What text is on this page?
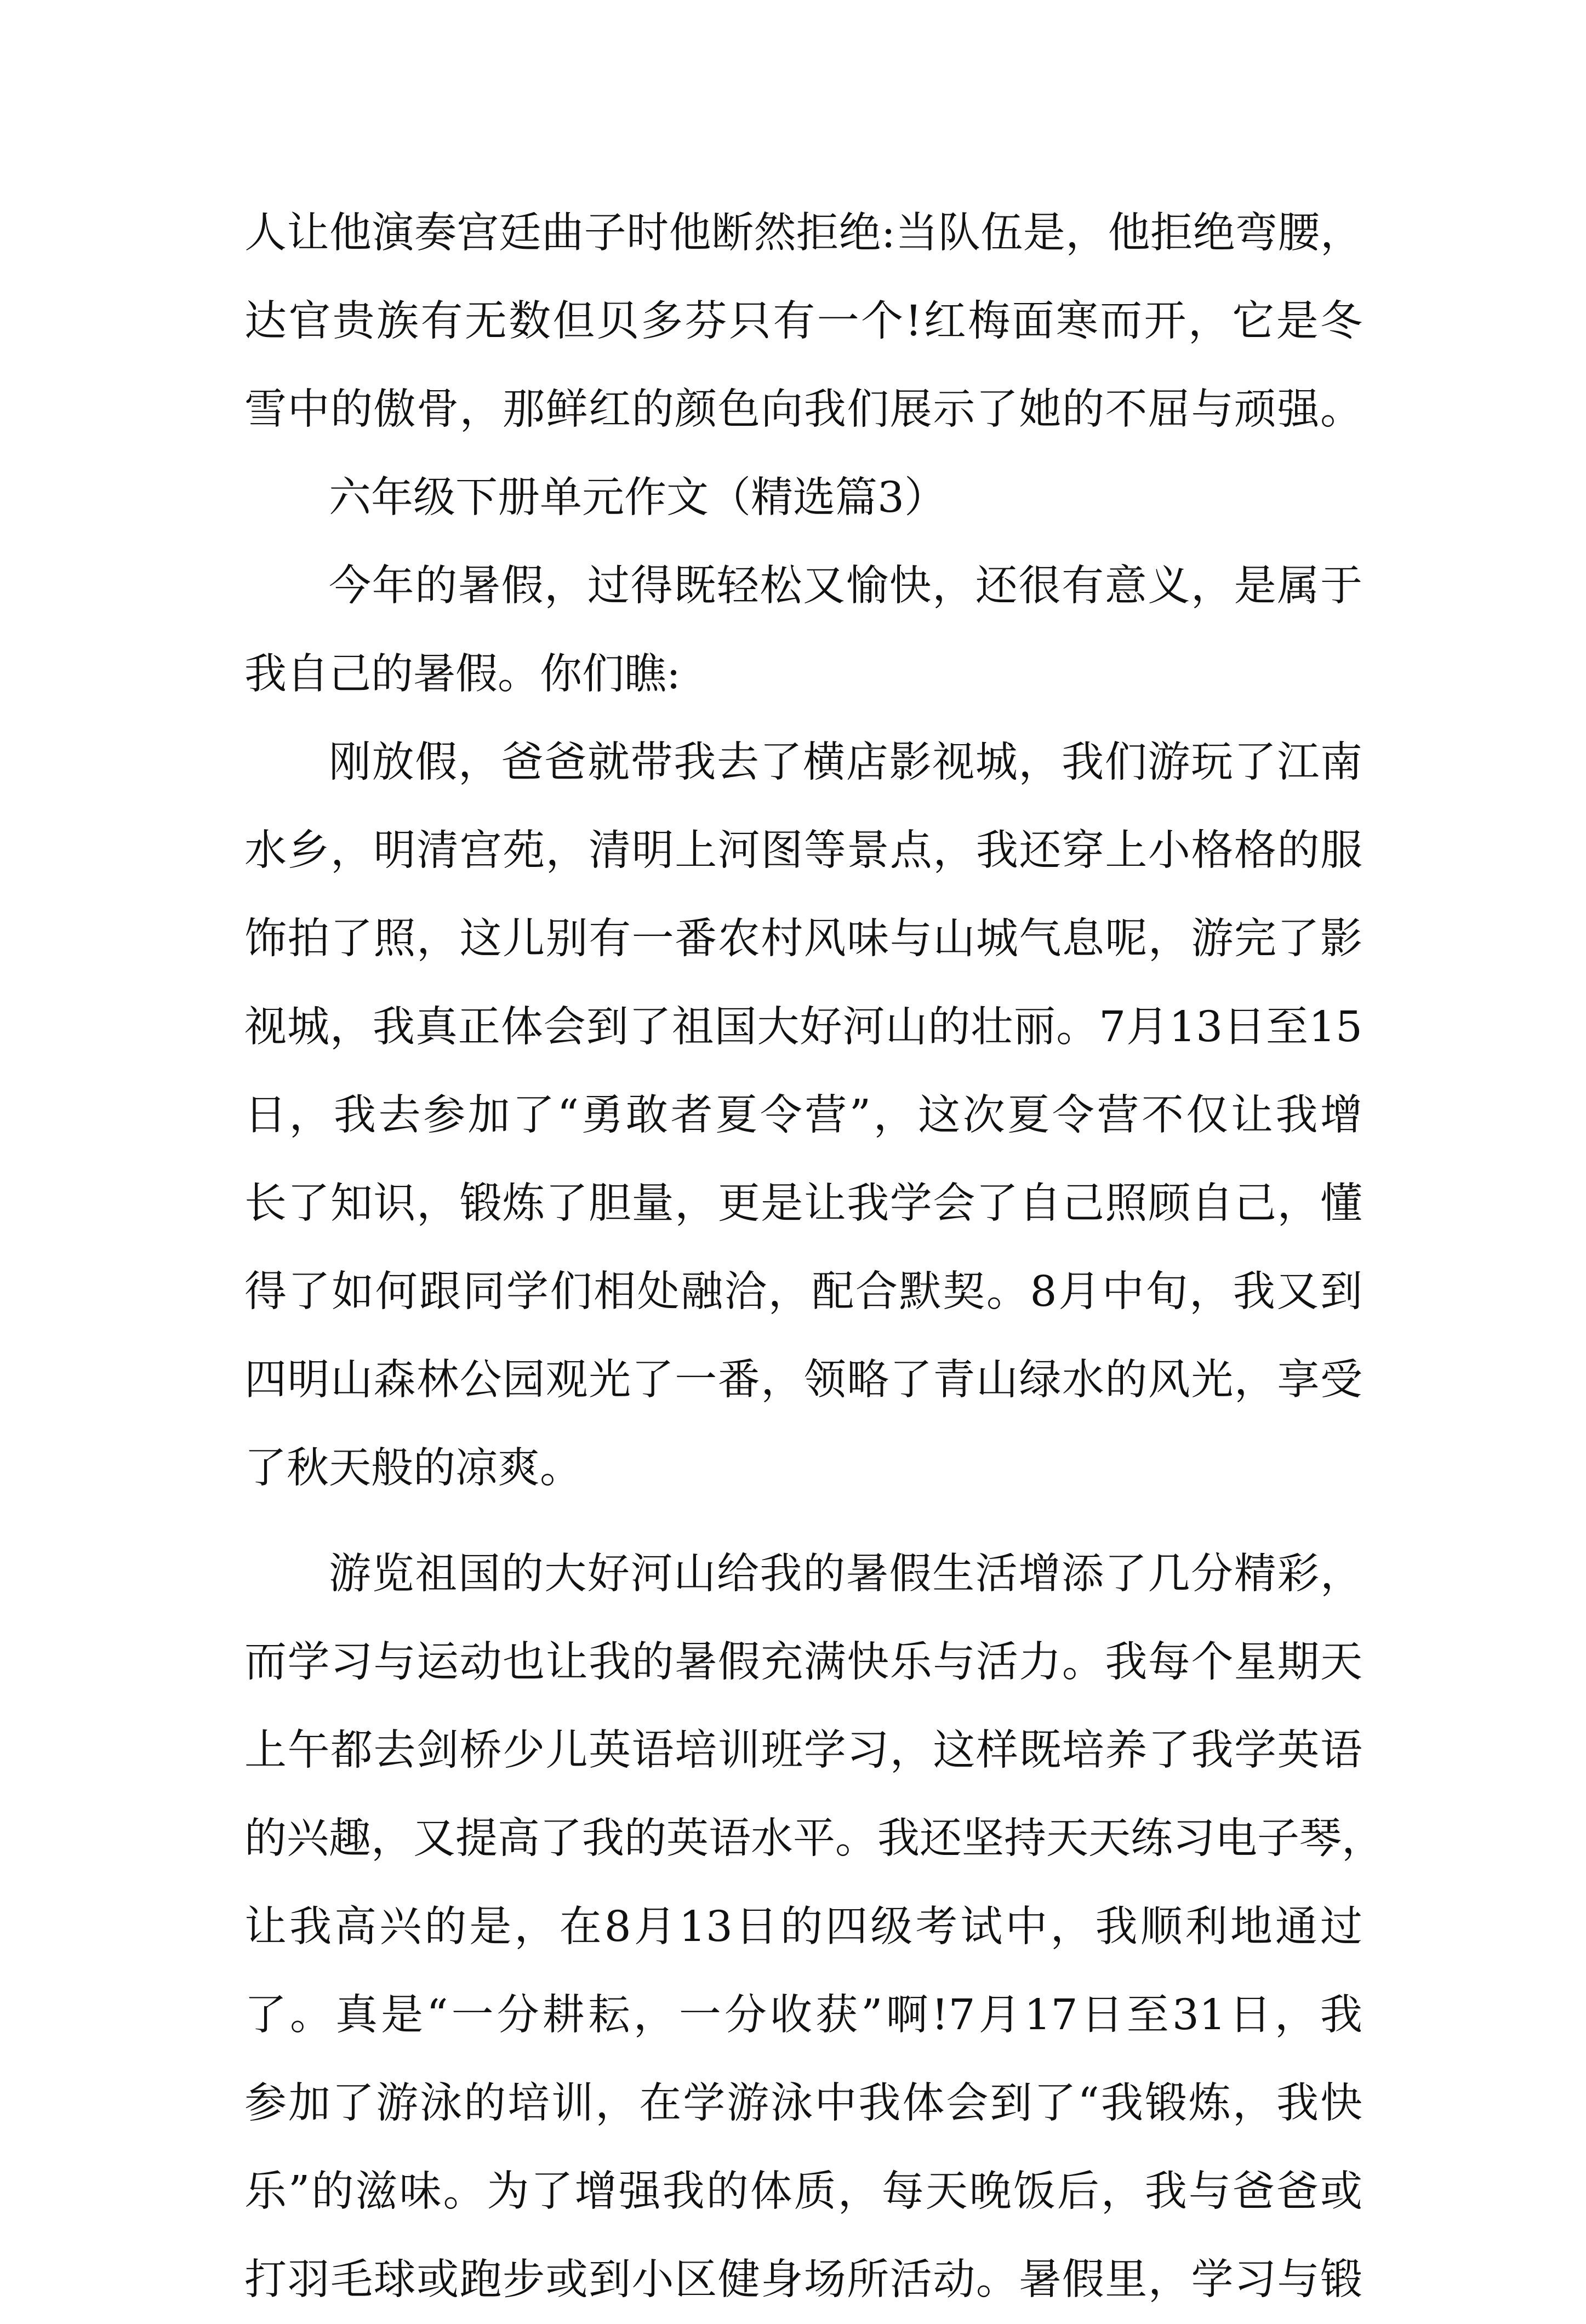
人让他演奏宫廷曲子时他断然拒绝:当队伍是，他拒绝弯腰，
达官贵族有无数但贝多芬只有一个!红梅面寒而开，它是冬
雪中的傲骨，那鲜红的颜色向我们展示了她的不屈与顽强。
六年级下册单元作文（精选篇3）
今年的暑假，过得既轻松又愉快，还很有意义，是属于
我自己的暑假。你们瞧:
刚放假，爸爸就带我去了横店影视城，我们游玩了江南
水乡，明清宫苑，清明上河图等景点，我还穿上小格格的服
饰拍了照，这儿别有一番农村风味与山城气息呢，游完了影
视城，我真正体会到了祖国大好河山的壮丽。7月13日至15
日，我去参加了“勇敢者夏令营”，这次夏令营不仅让我增
长了知识，锻炼了胆量，更是让我学会了自己照顾自己，懂
得了如何跟同学们相处融洽，配合默契。8月中旬，我又到
四明山森林公园观光了一番，领略了青山绿水的风光，享受
了秋天般的凉爽。
游览祖国的大好河山给我的暑假生活增添了几分精彩，
而学习与运动也让我的暑假充满快乐与活力。我每个星期天
上午都去剑桥少儿英语培训班学习，这样既培养了我学英语
的兴趣，又提高了我的英语水平。我还坚持天天练习电子琴，
让我高兴的是，在8月13日的四级考试中，我顺利地通过
了。真是“一分耕耘，一分收获”啊!7月17日至31日，我
参加了游泳的培训，在学游泳中我体会到了“我锻炼，我快
乐”的滋味。为了增强我的体质，每天晚饭后，我与爸爸或
打羽毛球或跑步或到小区健身场所活动。暑假里，学习与锻
